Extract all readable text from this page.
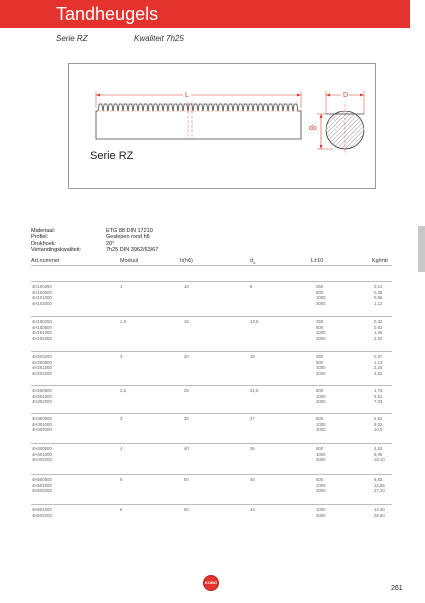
Tandheugels
Serie RZ	Kwaliteit 7h25
L	D
do
Serie RZ
Materiaal:	ETG 88 DIN 17210
Profiel:	Geslepen rond h6
Drukhoek:	20°
Vertandingskwaliteit:	7h25 DIN 3962/63/67
Art.nummer	Moduul	h(h6)	$d_o$	L±10	Kg/mtr
4H100250	1	10	8	250	0,14
4H100500	500	0,28
4H101000	1000	0,56
4H102000	2000	1,12
4H150250	1,5	15	13,5	250	0,32
4H150500	500	0,63
4H151000	1000	1,26
4H152000	2000	2,52
4H200250	2	20	18	250	0,57
4H200500	500	1,13
4H201000	1000	2,26
4H202000	2000	4,52
4H250500	2,5	25	22,5	500	1,76
4H251000	1000	3,51
4H252000	2000	7,03
4H300500	3	30	27	500	2,51
4H301000	1000	5,02
4H302000	2000	10,0
4H400500	4	40	36	500	4,53
4H401000	1000	9,06
4H402000	2000	18,10
4H500500	5	50	45	500	6,83
4H501000	1000	13,65
4H502000	2000	27,30
4H601000	6	50	44	1000	14,30
4H602000	2000	28,60
KOBO
261
